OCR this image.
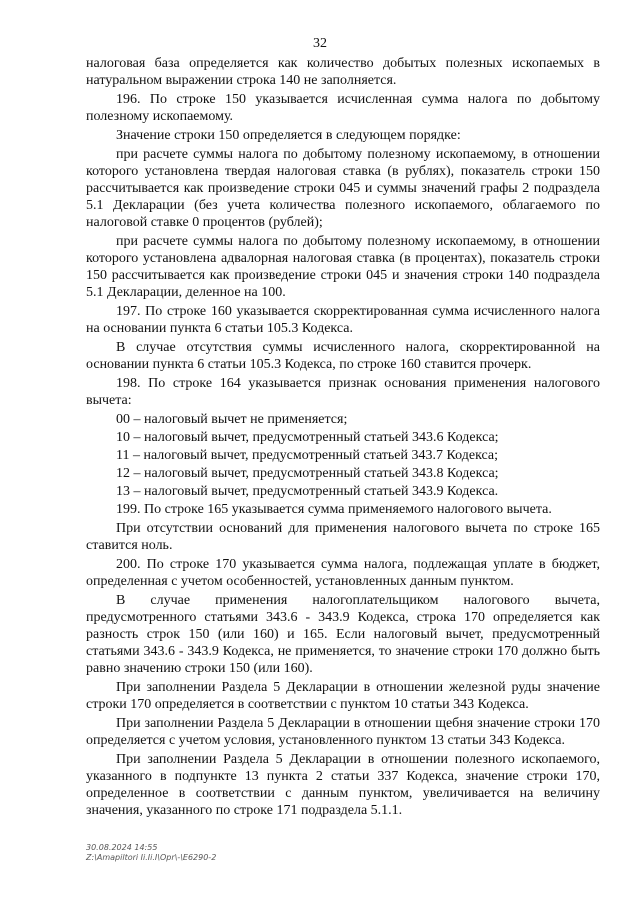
32

налоговая база определяется как количество добытых полезных ископаемых в натуральном выражении строка 140 не заполняется.

196. По строке 150 указывается исчисленная сумма налога по добытому полезному ископаемому.

Значение строки 150 определяется в следующем порядке:

при расчете суммы налога по добытому полезному ископаемому, в отношении которого установлена твердая налоговая ставка (в рублях), показатель строки 150 рассчитывается как произведение строки 045 и суммы значений графы 2 подраздела 5.1 Декларации (без учета количества полезного ископаемого, облагаемого по налоговой ставке 0 процентов (рублей);

при расчете суммы налога по добытому полезному ископаемому, в отношении которого установлена адвалорная налоговая ставка (в процентах), показатель строки 150 рассчитывается как произведение строки 045 и значения строки 140 подраздела 5.1 Декларации, деленное на 100.

197. По строке 160 указывается скорректированная сумма исчисленного налога на основании пункта 6 статьи 105.3 Кодекса.

В случае отсутствия суммы исчисленного налога, скорректированной на основании пункта 6 статьи 105.3 Кодекса, по строке 160 ставится прочерк.

198. По строке 164 указывается признак основания применения налогового вычета:

00 – налоговый вычет не применяется;

10 – налоговый вычет, предусмотренный статьей 343.6 Кодекса;

11 – налоговый вычет, предусмотренный статьей 343.7 Кодекса;

12 – налоговый вычет, предусмотренный статьей 343.8 Кодекса;

13 – налоговый вычет, предусмотренный статьей 343.9 Кодекса.

199. По строке 165 указывается сумма применяемого налогового вычета.

При отсутствии оснований для применения налогового вычета по строке 165 ставится ноль.

200. По строке 170 указывается сумма налога, подлежащая уплате в бюджет, определенная с учетом особенностей, установленных данным пунктом.

В случае применения налогоплательщиком налогового вычета, предусмотренного статьями 343.6 - 343.9 Кодекса, строка 170 определяется как разность строк 150 (или 160) и 165. Если налоговый вычет, предусмотренный статьями 343.6 - 343.9 Кодекса, не применяется, то значение строки 170 должно быть равно значению строки 150 (или 160).

При заполнении Раздела 5 Декларации в отношении железной руды значение строки 170 определяется в соответствии с пунктом 10 статьи 343 Кодекса.

При заполнении Раздела 5 Декларации в отношении щебня значение строки 170 определяется с учетом условия, установленного пунктом 13 статьи 343 Кодекса.

При заполнении Раздела 5 Декларации в отношении полезного ископаемого, указанного в подпункте 13 пункта 2 статьи 337 Кодекса, значение строки 170, определенное в соответствии с данным пунктом, увеличивается на величину значения, указанного по строке 171 подраздела 5.1.1.

30.08.2024 14:55
Z:\Amapiltori Ii.Ii.I\Opr\-\E6290-2
